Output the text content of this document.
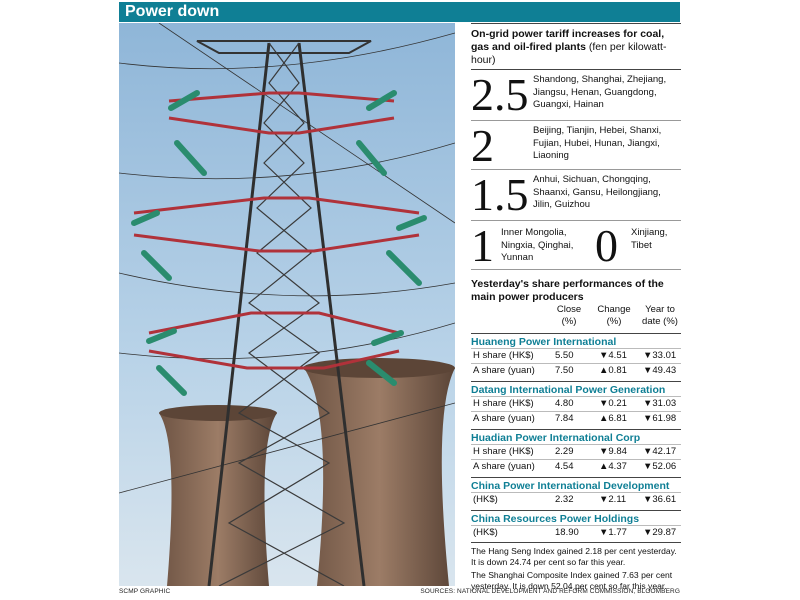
Power down
On-grid power tariff increases for coal, gas and oil-fired plants (fen per kilowatt-hour)
2.5 Shandong, Shanghai, Zhejiang, Jiangsu, Henan, Guangdong, Guangxi, Hainan
2	Beijing, Tianjin, Hebei, Shanxi, Fujian, Hubei, Hunan, Jiangxi, Liaoning
1.5 Anhui, Sichuan, Chongqing, Shaanxi, Gansu, Heilongjiang, Jilin, Guizhou
1 Inner Mongolia, Ningxia, Qinghai, Yunnan	0 Xinjiang, Tibet
Yesterday's share performances of the main power producers
Close
(%)
Change
(%)
Year to
date (%)
Huaneng Power International
H share (HK$) 5.50	▼4.51 ▼33.01
A share (yuan) 7.50	▲0.81 ▼49.43
Datang International Power Generation
H share (HK$) 4.80	▼0.21 ▼31.03
A share (yuan) 7.84	▲6.81 ▼61.98
Huadian Power International Corp
H share (HK$) 2.29	▼9.84 ▼42.17
A share (yuan) 4.54	▲4.37 ▼52.06
China Power International Development
(HK$)	2.32	▼2.11 ▼36.61
China Resources Power Holdings
(HK$)	18.90 ▼1.77 ▼29.87
The Hang Seng Index gained 2.18 per cent yesterday. It is down 24.74 per cent so far this year.
The Shanghai Composite Index gained 7.63 per cent yesterday. It is down 52.04 per cent so far this year.
SCMP GRAPHIC	SOURCES: NATIONAL DEVELOPMENT AND REFORM COMMISSION, BLOOMBERG
